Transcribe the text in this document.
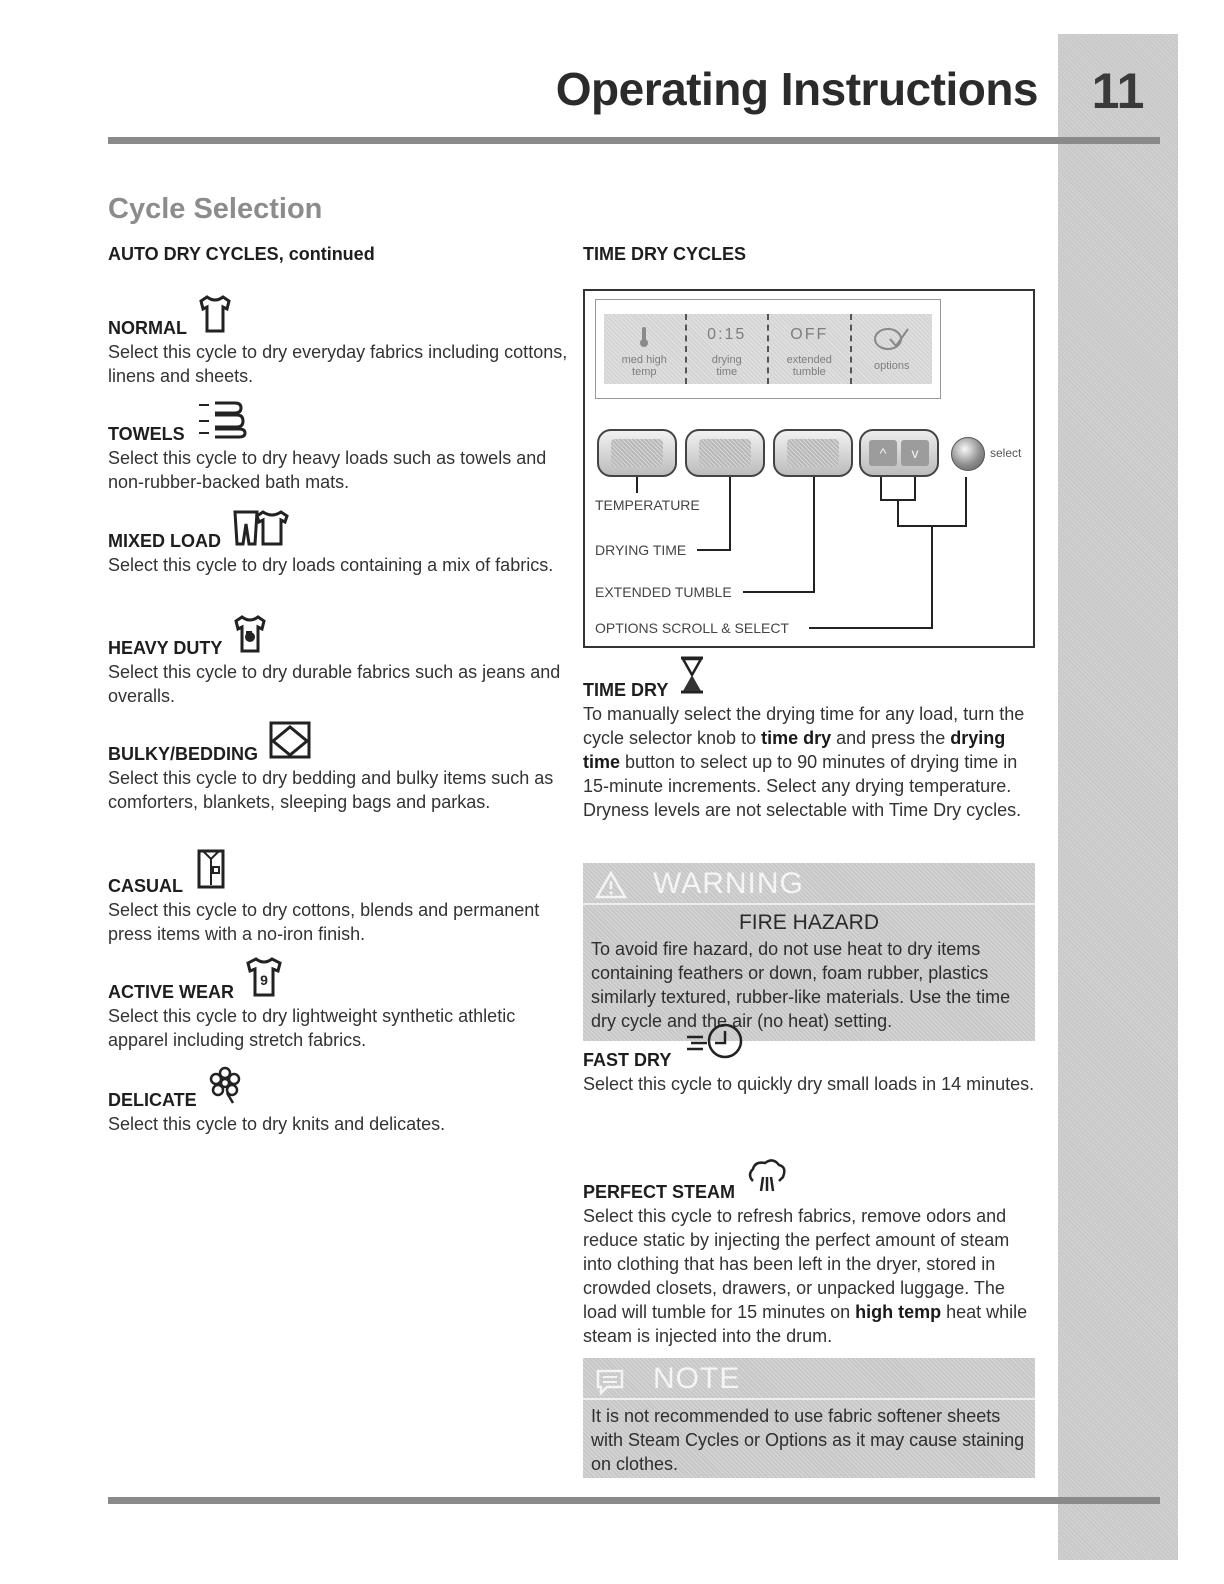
11
Operating Instructions
Cycle Selection
AUTO DRY CYCLES, continued	TIME DRY CYCLES
NORMAL

Select this cycle to dry everyday fabrics including cottons, linens and sheets.

TOWELS

Select this cycle to dry heavy loads such as towels and non-rubber-backed bath mats.

MIXED LOAD

Select this cycle to dry loads containing a mix of fabrics.

HEAVY DUTY

Select this cycle to dry durable fabrics such as jeans and overalls.

BULKY/BEDDING

Select this cycle to dry bedding and bulky items such as comforters, blankets, sleeping bags and parkas.

CASUAL

Select this cycle to dry cottons, blends and permanent press items with a no-iron finish.

ACTIVE WEAR
9

Select this cycle to dry lightweight synthetic athletic apparel including stretch fabrics.

DELICATE

Select this cycle to dry knits and delicates.

med high
temp
0:15
drying
time
OFF
extended
tumble	options
^	v	select
TEMPERATURE
DRYING TIME
EXTENDED TUMBLE
OPTIONS SCROLL & SELECT
TIME DRY

To manually select the drying time for any load, turn the cycle selector knob to time dry and press the drying time button to select up to 90 minutes of drying time in 15-minute increments. Select any drying temperature. Dryness levels are not selectable with Time Dry cycles.

WARNING
FIRE HAZARD

To avoid fire hazard, do not use heat to dry items containing feathers or down, foam rubber, plastics similarly textured, rubber-like materials. Use the time dry cycle and the air (no heat) setting.

FAST DRY

Select this cycle to quickly dry small loads in 14 minutes.

PERFECT STEAM

Select this cycle to refresh fabrics, remove odors and reduce static by injecting the perfect amount of steam into clothing that has been left in the dryer, stored in crowded closets, drawers, or unpacked luggage. The load will tumble for 15 minutes on high temp heat while steam is injected into the drum.

NOTE

It is not recommended to use fabric softener sheets with Steam Cycles or Options as it may cause staining on clothes.
